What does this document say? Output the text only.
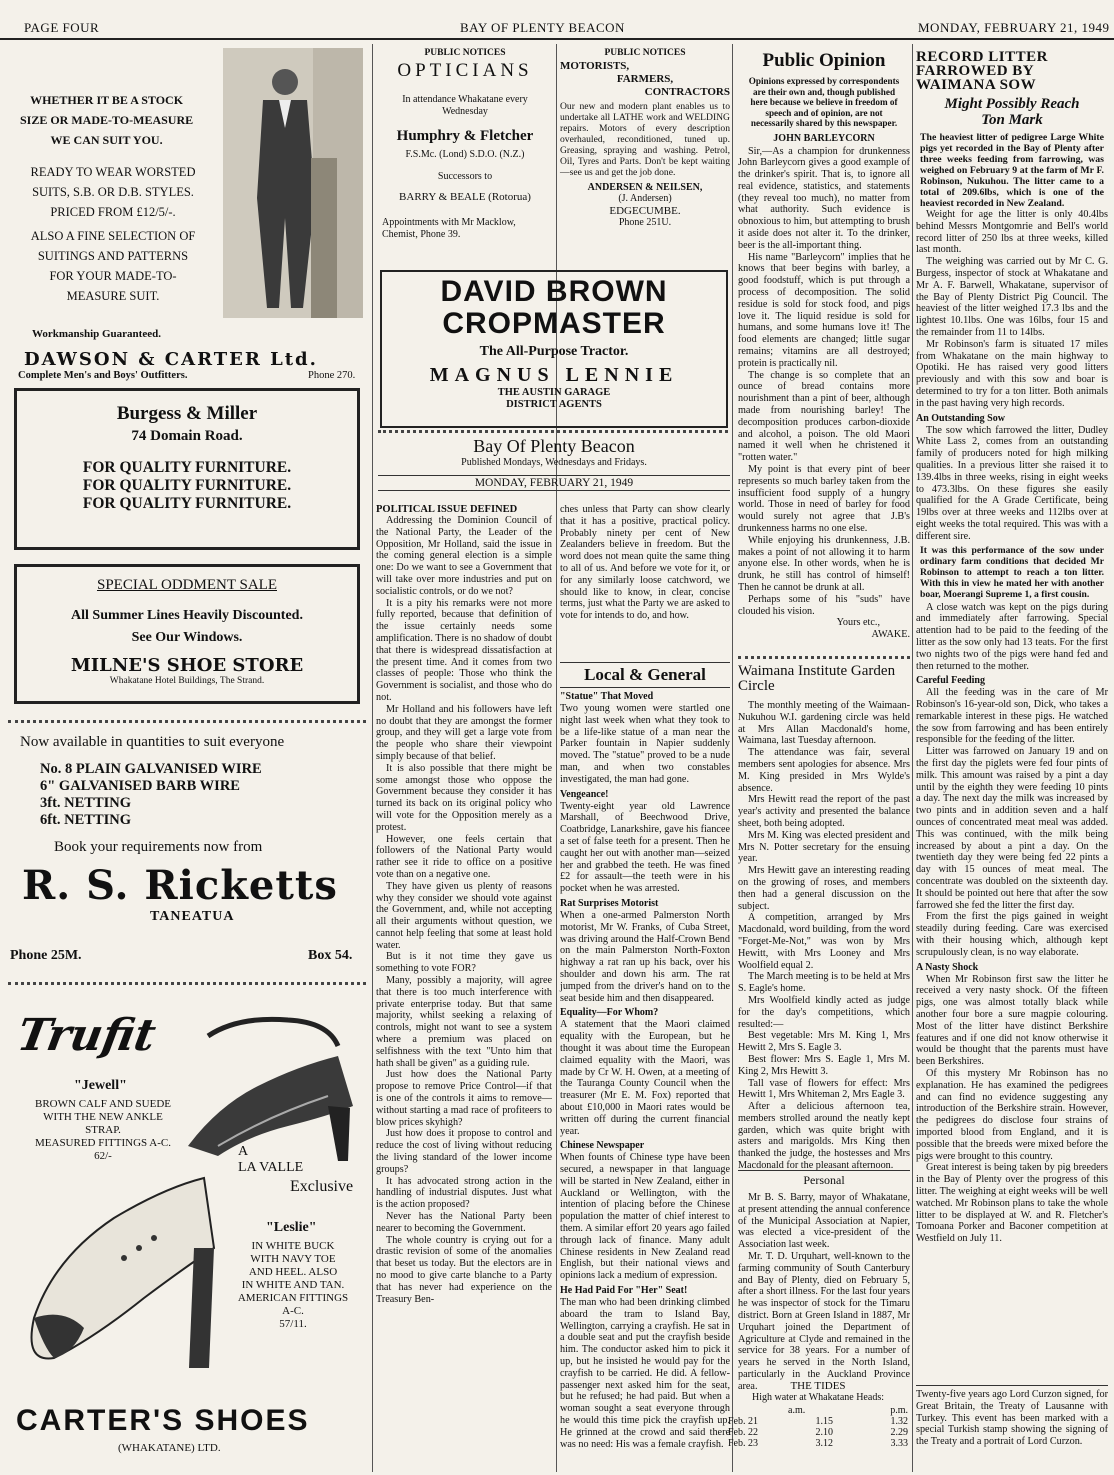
PAGE FOUR	BAY OF PLENTY BEACON	MONDAY, FEBRUARY 21, 1949
WHETHER IT BE A STOCK
SIZE OR MADE-TO-MEASURE
WE CAN SUIT YOU.
READY TO WEAR WORSTED
SUITS, S.B. OR D.B. STYLES.
PRICED FROM £12/5/-.
ALSO A FINE SELECTION OF
SUITINGS AND PATTERNS
FOR YOUR MADE-TO-
MEASURE SUIT.
Workmanship Guaranteed.
DAWSON & CARTER Ltd.
Complete Men's and Boys' Outfitters.	Phone 270.
Burgess & Miller
74 Domain Road.
FOR QUALITY FURNITURE.
FOR QUALITY FURNITURE.
FOR QUALITY FURNITURE.
SPECIAL ODDMENT SALE
All Summer Lines Heavily Discounted.
See Our Windows.
MILNE'S SHOE STORE
Whakatane Hotel Buildings, The Strand.
Now available in quantities to suit everyone
No. 8 PLAIN GALVANISED WIRE
6" GALVANISED BARB WIRE
3ft. NETTING
6ft. NETTING
Book your requirements now from
R. S. Ricketts
TANEATUA
Phone 25M.	Box 54.
Trufit
"Jewell"
BROWN CALF AND SUEDE
WITH THE NEW ANKLE
STRAP.
MEASURED FITTINGS A-C.
62/-	A
LA VALLE
Exclusive
"Leslie"
IN WHITE BUCK
WITH NAVY TOE
AND HEEL. ALSO
IN WHITE AND TAN.
AMERICAN FITTINGS
A-C.
57/11.
CARTER'S SHOES
(WHAKATANE) LTD.
PUBLIC NOTICES
OPTICIANS
In attendance Whakatane every Wednesday
Humphry & Fletcher
F.S.Mc. (Lond) S.D.O. (N.Z.)
Successors to
BARRY & BEALE (Rotorua)
Appointments with Mr Macklow, Chemist, Phone 39.
PUBLIC NOTICES
MOTORISTS,
FARMERS,
CONTRACTORS
Our new and modern plant enables us to undertake all LATHE work and WELDING repairs. Motors of every description overhauled, reconditioned, tuned up. Greasing, spraying and washing. Petrol, Oil, Tyres and Parts. Don't be kept waiting—see us and get the job done.
ANDERSEN & NEILSEN,
(J. Andersen)
EDGECUMBE.
Phone 251U.
DAVID BROWN
CROPMASTER
The All-Purpose Tractor.
MAGNUS LENNIE
THE AUSTIN GARAGE
DISTRICT AGENTS
Bay Of Plenty Beacon
Published Mondays, Wednesdays and Fridays.
MONDAY, FEBRUARY 21, 1949
POLITICAL ISSUE DEFINED

Addressing the Dominion Council of the National Party, the Leader of the Opposition, Mr Holland, said the issue in the coming general election is a simple one: Do we want to see a Government that will take over more industries and put on socialistic controls, or do we not?

It is a pity his remarks were not more fully reported, because that definition of the issue certainly needs some amplification. There is no shadow of doubt that there is widespread dissatisfaction at the present time. And it comes from two classes of people: Those who think the Government is socialist, and those who do not.

Mr Holland and his followers have left no doubt that they are amongst the former group, and they will get a large vote from the people who share their viewpoint simply because of that belief.

It is also possible that there might be some amongst those who oppose the Government because they consider it has turned its back on its original policy who will vote for the Opposition merely as a protest.

However, one feels certain that followers of the National Party would rather see it ride to office on a positive vote than on a negative one.

They have given us plenty of reasons why they consider we should vote against the Government, and, while not accepting all their arguments without question, we cannot help feeling that some at least hold water.

But is it not time they gave us something to vote FOR?

Many, possibly a majority, will agree that there is too much interference with private enterprise today. But that same majority, whilst seeking a relaxing of controls, might not want to see a system where a premium was placed on selfishness with the text "Unto him that hath shall be given" as a guiding rule.

Just how does the National Party propose to remove Price Control—if that is one of the controls it aims to remove—without starting a mad race of profiteers to blow prices skyhigh?

Just how does it propose to control and reduce the cost of living without reducing the living standard of the lower income groups?

It has advocated strong action in the handling of industrial disputes. Just what is the action proposed?

Never has the National Party been nearer to becoming the Government.

The whole country is crying out for a drastic revision of some of the anomalies that beset us today. But the electors are in no mood to give carte blanche to a Party that has never had experience on the Treasury Ben-

ches unless that Party can show clearly that it has a positive, practical policy. Probably ninety per cent of New Zealanders believe in freedom. But the word does not mean quite the same thing to all of us. And before we vote for it, or for any similarly loose catchword, we should like to know, in clear, concise terms, just what the Party we are asked to vote for intends to do, and how.
Local & General
"Statue" That Moved
Two young women were startled one night last week when what they took to be a life-like statue of a man near the Parker fountain in Napier suddenly moved. The "statue" proved to be a nude man, and when two constables investigated, the man had gone.
Vengeance!
Twenty-eight year old Lawrence Marshall, of Beechwood Drive, Coatbridge, Lanarkshire, gave his fiancee a set of false teeth for a present. Then he caught her out with another man—seized her and grabbed the teeth. He was fined £2 for assault—the teeth were in his pocket when he was arrested.
Rat Surprises Motorist
When a one-armed Palmerston North motorist, Mr W. Franks, of Cuba Street, was driving around the Half-Crown Bend on the main Palmerston North-Foxton highway a rat ran up his back, over his shoulder and down his arm. The rat jumped from the driver's hand on to the seat beside him and then disappeared.
Equality—For Whom?
A statement that the Maori claimed equality with the European, but he thought it was about time the European claimed equality with the Maori, was made by Cr W. H. Owen, at a meeting of the Tauranga County Council when the treasurer (Mr E. M. Fox) reported that about £10,000 in Maori rates would be written off during the current financial year.
Chinese Newspaper
When founts of Chinese type have been secured, a newspaper in that language will be started in New Zealand, either in Auckland or Wellington, with the intention of placing before the Chinese population the matter of chief interest to them. A similar effort 20 years ago failed through lack of finance. Many adult Chinese residents in New Zealand read English, but their national views and opinions lack a medium of expression.
He Had Paid For "Her" Seat!
The man who had been drinking climbed aboard the tram to Island Bay, Wellington, carrying a crayfish. He sat in a double seat and put the crayfish beside him. The conductor asked him to pick it up, but he insisted he would pay for the crayfish to be carried. He did. A fellow-passenger next asked him for the seat, but he refused; he had paid. But when a woman sought a seat everyone through he would this time pick the crayfish up. He grinned at the crowd and said there was no need: His was a female crayfish.
Public Opinion
Opinions expressed by correspondents are their own and, though published here because we believe in freedom of speech and of opinion, are not necessarily shared by this newspaper.
JOHN BARLEYCORN

Sir,—As a champion for drunkenness John Barleycorn gives a good example of the drinker's spirit. That is, to ignore all real evidence, statistics, and statements (they reveal too much), no matter from what authority. Such evidence is obnoxious to him, but attempting to brush it aside does not alter it. To the drinker, beer is the all-important thing.

His name "Barleycorn" implies that he knows that beer begins with barley, a good foodstuff, which is put through a process of decomposition. The solid residue is sold for stock food, and pigs love it. The liquid residue is sold for humans, and some humans love it! The food elements are changed; little sugar remains; vitamins are all destroyed; protein is practically nil.

The change is so complete that an ounce of bread contains more nourishment than a pint of beer, although made from nourishing barley! The decomposition produces carbon-dioxide and alcohol, a poison. The old Maori named it well when he christened it "rotten water."

My point is that every pint of beer represents so much barley taken from the insufficient food supply of a hungry world. Those in need of barley for food would surely not agree that J.B's drunkenness harms no one else.

While enjoying his drunkenness, J.B. makes a point of not allowing it to harm anyone else. In other words, when he is drunk, he still has control of himself! Then he cannot be drunk at all.

Perhaps some of his "suds" have clouded his vision.

Yours etc.,
AWAKE.
Waimana Institute Garden Circle

The monthly meeting of the Waimaan-Nukuhou W.I. gardening circle was held at Mrs Allan Macdonald's home, Waimana, last Tuesday afternoon.

The attendance was fair, several members sent apologies for absence. Mrs M. King presided in Mrs Wylde's absence.

Mrs Hewitt read the report of the past year's activity and presented the balance sheet, both being adopted.

Mrs M. King was elected president and Mrs N. Potter secretary for the ensuing year.

Mrs Hewitt gave an interesting reading on the growing of roses, and members then had a general discussion on the subject.

A competition, arranged by Mrs Macdonald, word building, from the word "Forget-Me-Not," was won by Mrs Hewitt, with Mrs Looney and Mrs Woolfield equal 2.

The March meeting is to be held at Mrs S. Eagle's home.

Mrs Woolfield kindly acted as judge for the day's competitions, which resulted:—

Best vegetable: Mrs M. King 1, Mrs Hewitt 2, Mrs S. Eagle 3.

Best flower: Mrs S. Eagle 1, Mrs M. King 2, Mrs Hewitt 3.

Tall vase of flowers for effect: Mrs Hewitt 1, Mrs Whiteman 2, Mrs Eagle 3.

After a delicious afternoon tea, members strolled around the neatly kept garden, which was quite bright with asters and marigolds. Mrs King then thanked the judge, the hostesses and Mrs Macdonald for the pleasant afternoon.

Personal

Mr B. S. Barry, mayor of Whakatane, at present attending the annual conference of the Municipal Association at Napier, was elected a vice-president of the Association last week.

Mr. T. D. Urquhart, well-known to the farming community of South Canterbury and Bay of Plenty, died on February 5, after a short illness. For the last four years he was inspector of stock for the Timaru district. Born at Green Island in 1887, Mr Urquhart joined the Department of Agriculture at Clyde and remained in the service for 38 years. For a number of years he served in the North Island, particularly in the Auckland Province area.	THE TIDES
High water at Whakatane Heads:
a.m.	p.m.
Feb. 21	1.15	1.32
Feb. 22	2.10	2.29
Feb. 23	3.12	3.33
RECORD LITTER FARROWED BY WAIMANA SOW
Might Possibly Reach Ton Mark
The heaviest litter of pedigree Large White pigs yet recorded in the Bay of Plenty after three weeks feeding from farrowing, was weighed on February 9 at the farm of Mr F. Robinson, Nukuhou. The litter came to a total of 209.6lbs, which is one of the heaviest recorded in New Zealand.

Weight for age the litter is only 40.4lbs behind Messrs Montgomrie and Bell's world record litter of 250 lbs at three weeks, killed last month.

The weighing was carried out by Mr C. G. Burgess, inspector of stock at Whakatane and Mr A. F. Barwell, Whakatane, supervisor of the Bay of Plenty District Pig Council. The heaviest of the litter weighed 17.3 lbs and the lightest 10.1lbs. One was 16lbs, four 15 and the remainder from 11 to 14lbs.

Mr Robinson's farm is situated 17 miles from Whakatane on the main highway to Opotiki. He has raised very good litters previously and with this sow and boar is determined to try for a ton litter. Both animals in the past having very high records.

An Outstanding Sow

The sow which farrowed the litter, Dudley White Lass 2, comes from an outstanding family of producers noted for high milking qualities. In a previous litter she raised it to 139.4lbs in three weeks, rising in eight weeks to 473.3lbs. On these figures she easily qualified for the A Grade Certificate, being 19lbs over at three weeks and 112lbs over at eight weeks the total required. This was with a different sire.

It was this performance of the sow under ordinary farm conditions that decided Mr Robinson to attempt to reach a ton litter. With this in view he mated her with another boar, Moerangi Supreme 1, a first cousin.

A close watch was kept on the pigs during and immediately after farrowing. Special attention had to be paid to the feeding of the litter as the sow only had 13 teats. For the first two nights two of the pigs were hand fed and then returned to the mother.

Careful Feeding

All the feeding was in the care of Mr Robinson's 16-year-old son, Dick, who takes a remarkable interest in these pigs. He watched the sow from farrowing and has been entirely responsible for the feeding of the litter.

Litter was farrowed on January 19 and on the first day the piglets were fed four pints of milk. This amount was raised by a pint a day until by the eighth they were feeding 10 pints a day. The next day the milk was increased by two pints and in addition seven and a half ounces of concentrated meat meal was added. This was continued, with the milk being increased by about a pint a day. On the twentieth day they were being fed 22 pints a day with 15 ounces of meat meal. The concentrate was doubled on the sixteenth day. It should be pointed out here that after the sow farrowed she fed the litter the first day.

From the first the pigs gained in weight steadily during feeding. Care was exercised with their housing which, although kept scrupulously clean, is no way elaborate.

A Nasty Shock

When Mr Robinson first saw the litter he received a very nasty shock. Of the fifteen pigs, one was almost totally black while another four bore a sure magpie colouring. Most of the litter have distinct Berkshire features and if one did not know otherwise it would be thought that the parents must have been Berkshires.

Of this mystery Mr Robinson has no explanation. He has examined the pedigrees and can find no evidence suggesting any introduction of the Berkshire strain. However, the pedigrees do disclose four strains of imported blood from England, and it is possible that the breeds were mixed before the pigs were brought to this country.

Great interest is being taken by pig breeders in the Bay of Plenty over the progress of this litter. The weighing at eight weeks will be well watched. Mr Robinson plans to take the whole litter to be displayed at W. and R. Fletcher's Tomoana Porker and Baconer competition at Westfield on July 11.

Twenty-five years ago Lord Curzon signed, for Great Britain, the Treaty of Lausanne with Turkey. This event has been marked with a special Turkish stamp showing the signing of the Treaty and a portrait of Lord Curzon.
